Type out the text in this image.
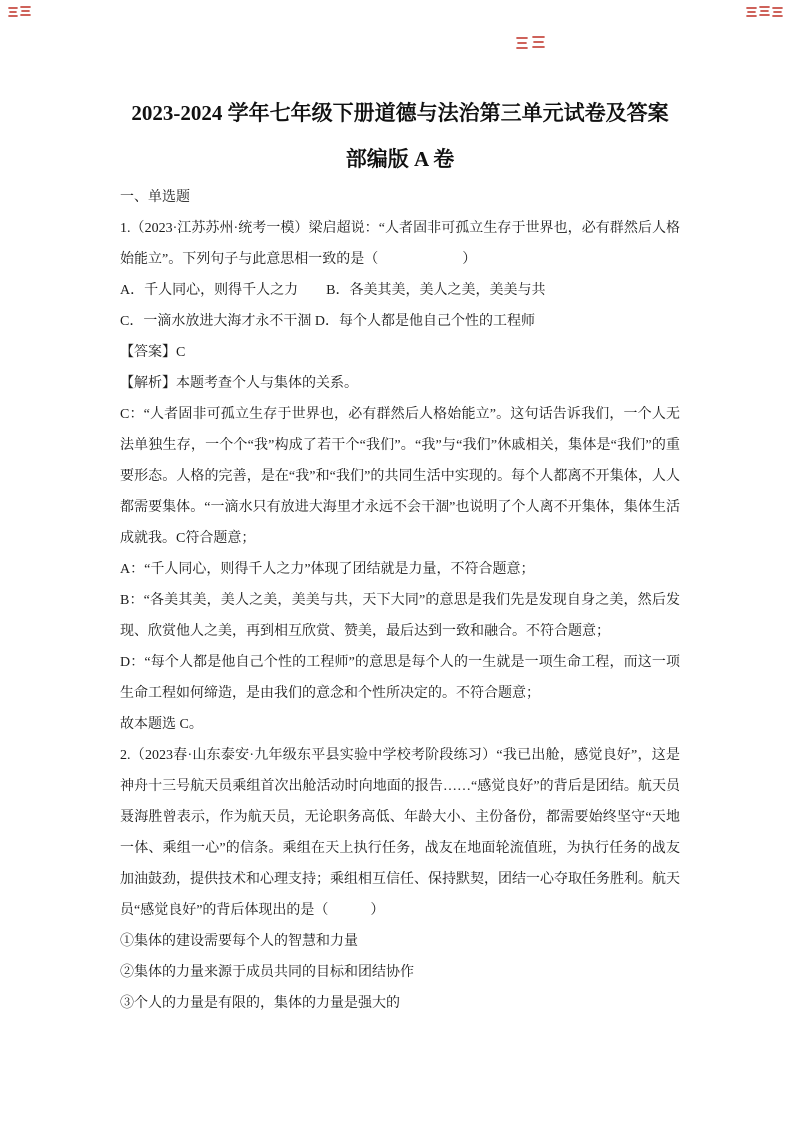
2023-2024 学年七年级下册道德与法治第三单元试卷及答案
部编版 A 卷

一、单选题

1.（2023·江苏苏州·统考一模）梁启超说：“人者固非可孤立生存于世界也，必有群然后人格始能立”。下列句子与此意思相一致的是（　　　　　　）

A．千人同心，则得千人之力　　B．各美其美，美人之美，美美与共

C．一滴水放进大海才永不干涸 D．每个人都是他自己个性的工程师

【答案】C

【解析】本题考查个人与集体的关系。

C：“人者固非可孤立生存于世界也，必有群然后人格始能立”。这句话告诉我们，一个人无法单独生存，一个个“我”构成了若干个“我们”。“我”与“我们”休戚相关，集体是“我们”的重要形态。人格的完善，是在“我”和“我们”的共同生活中实现的。每个人都离不开集体，人人都需要集体。“一滴水只有放进大海里才永远不会干涸”也说明了个人离不开集体，集体生活成就我。C符合题意；

A：“千人同心，则得千人之力”体现了团结就是力量，不符合题意；

B：“各美其美，美人之美，美美与共，天下大同”的意思是我们先是发现自身之美，然后发现、欣赏他人之美，再到相互欣赏、赞美，最后达到一致和融合。不符合题意；

D：“每个人都是他自己个性的工程师”的意思是每个人的一生就是一项生命工程，而这一项生命工程如何缔造，是由我们的意念和个性所决定的。不符合题意；

故本题选 C。

2.（2023春·山东泰安·九年级东平县实验中学校考阶段练习）“我已出舱，感觉良好”，这是神舟十三号航天员乘组首次出舱活动时向地面的报告……“感觉良好”的背后是团结。航天员聂海胜曾表示，作为航天员，无论职务高低、年龄大小、主份备份，都需要始终坚守“天地一体、乘组一心”的信条。乘组在天上执行任务，战友在地面轮流值班，为执行任务的战友加油鼓劲，提供技术和心理支持；乘组相互信任、保持默契，团结一心夺取任务胜利。航天员“感觉良好”的背后体现出的是（　　　）

①集体的建设需要每个人的智慧和力量

②集体的力量来源于成员共同的目标和团结协作

③个人的力量是有限的，集体的力量是强大的
